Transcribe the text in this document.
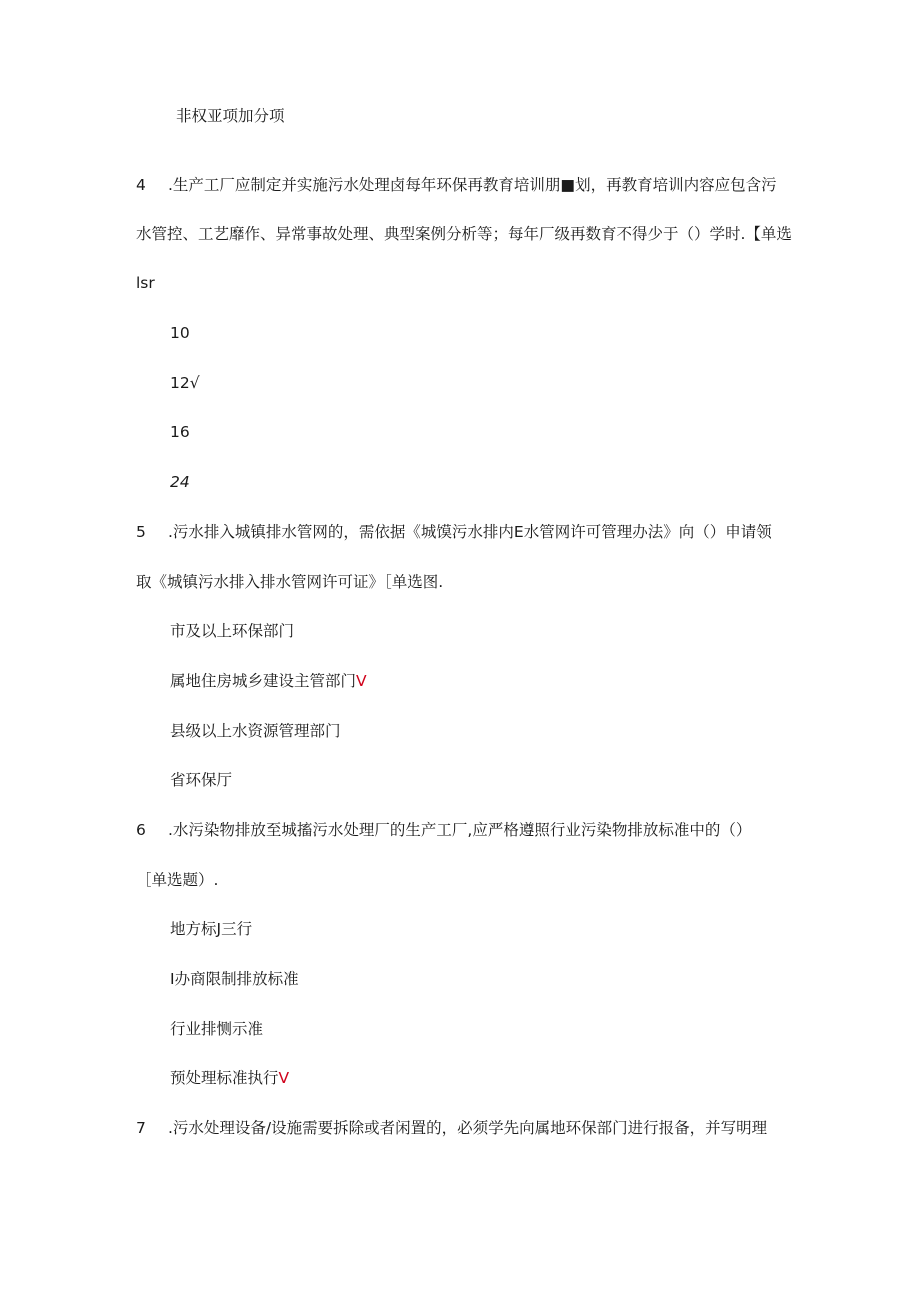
非权亚项加分项
4 .生产工厂应制定并实施污水处理卤每年环保再教育培训朋■划，再教育培训内容应包含污
水管控、工艺靡作、异常事故处理、典型案例分析等；每年厂级再数育不得少于（）学时.【单选
lsr
10
12√
16
24
5 .污水排入城镇排水管网的，需依据《城馍污水排内E水管网许可管理办法》向（）申请领
取《城镇污水排入排水管网许可证》［单选图.
市及以上环保部门
属地住房城乡建设主管部门V
县级以上水资源管理部门
省环保厅
6 .水污染物排放至城搐污水处理厂的生产工厂,应严格遵照行业污染物排放标准中的（）
［单选题）.
地方标J三行
I办商限制排放标准
行业排恻示准
预处理标准执行V
7 .污水处理设备/设施需要拆除或者闲置的，必须学先向属地环保部门进行报备，并写明理
